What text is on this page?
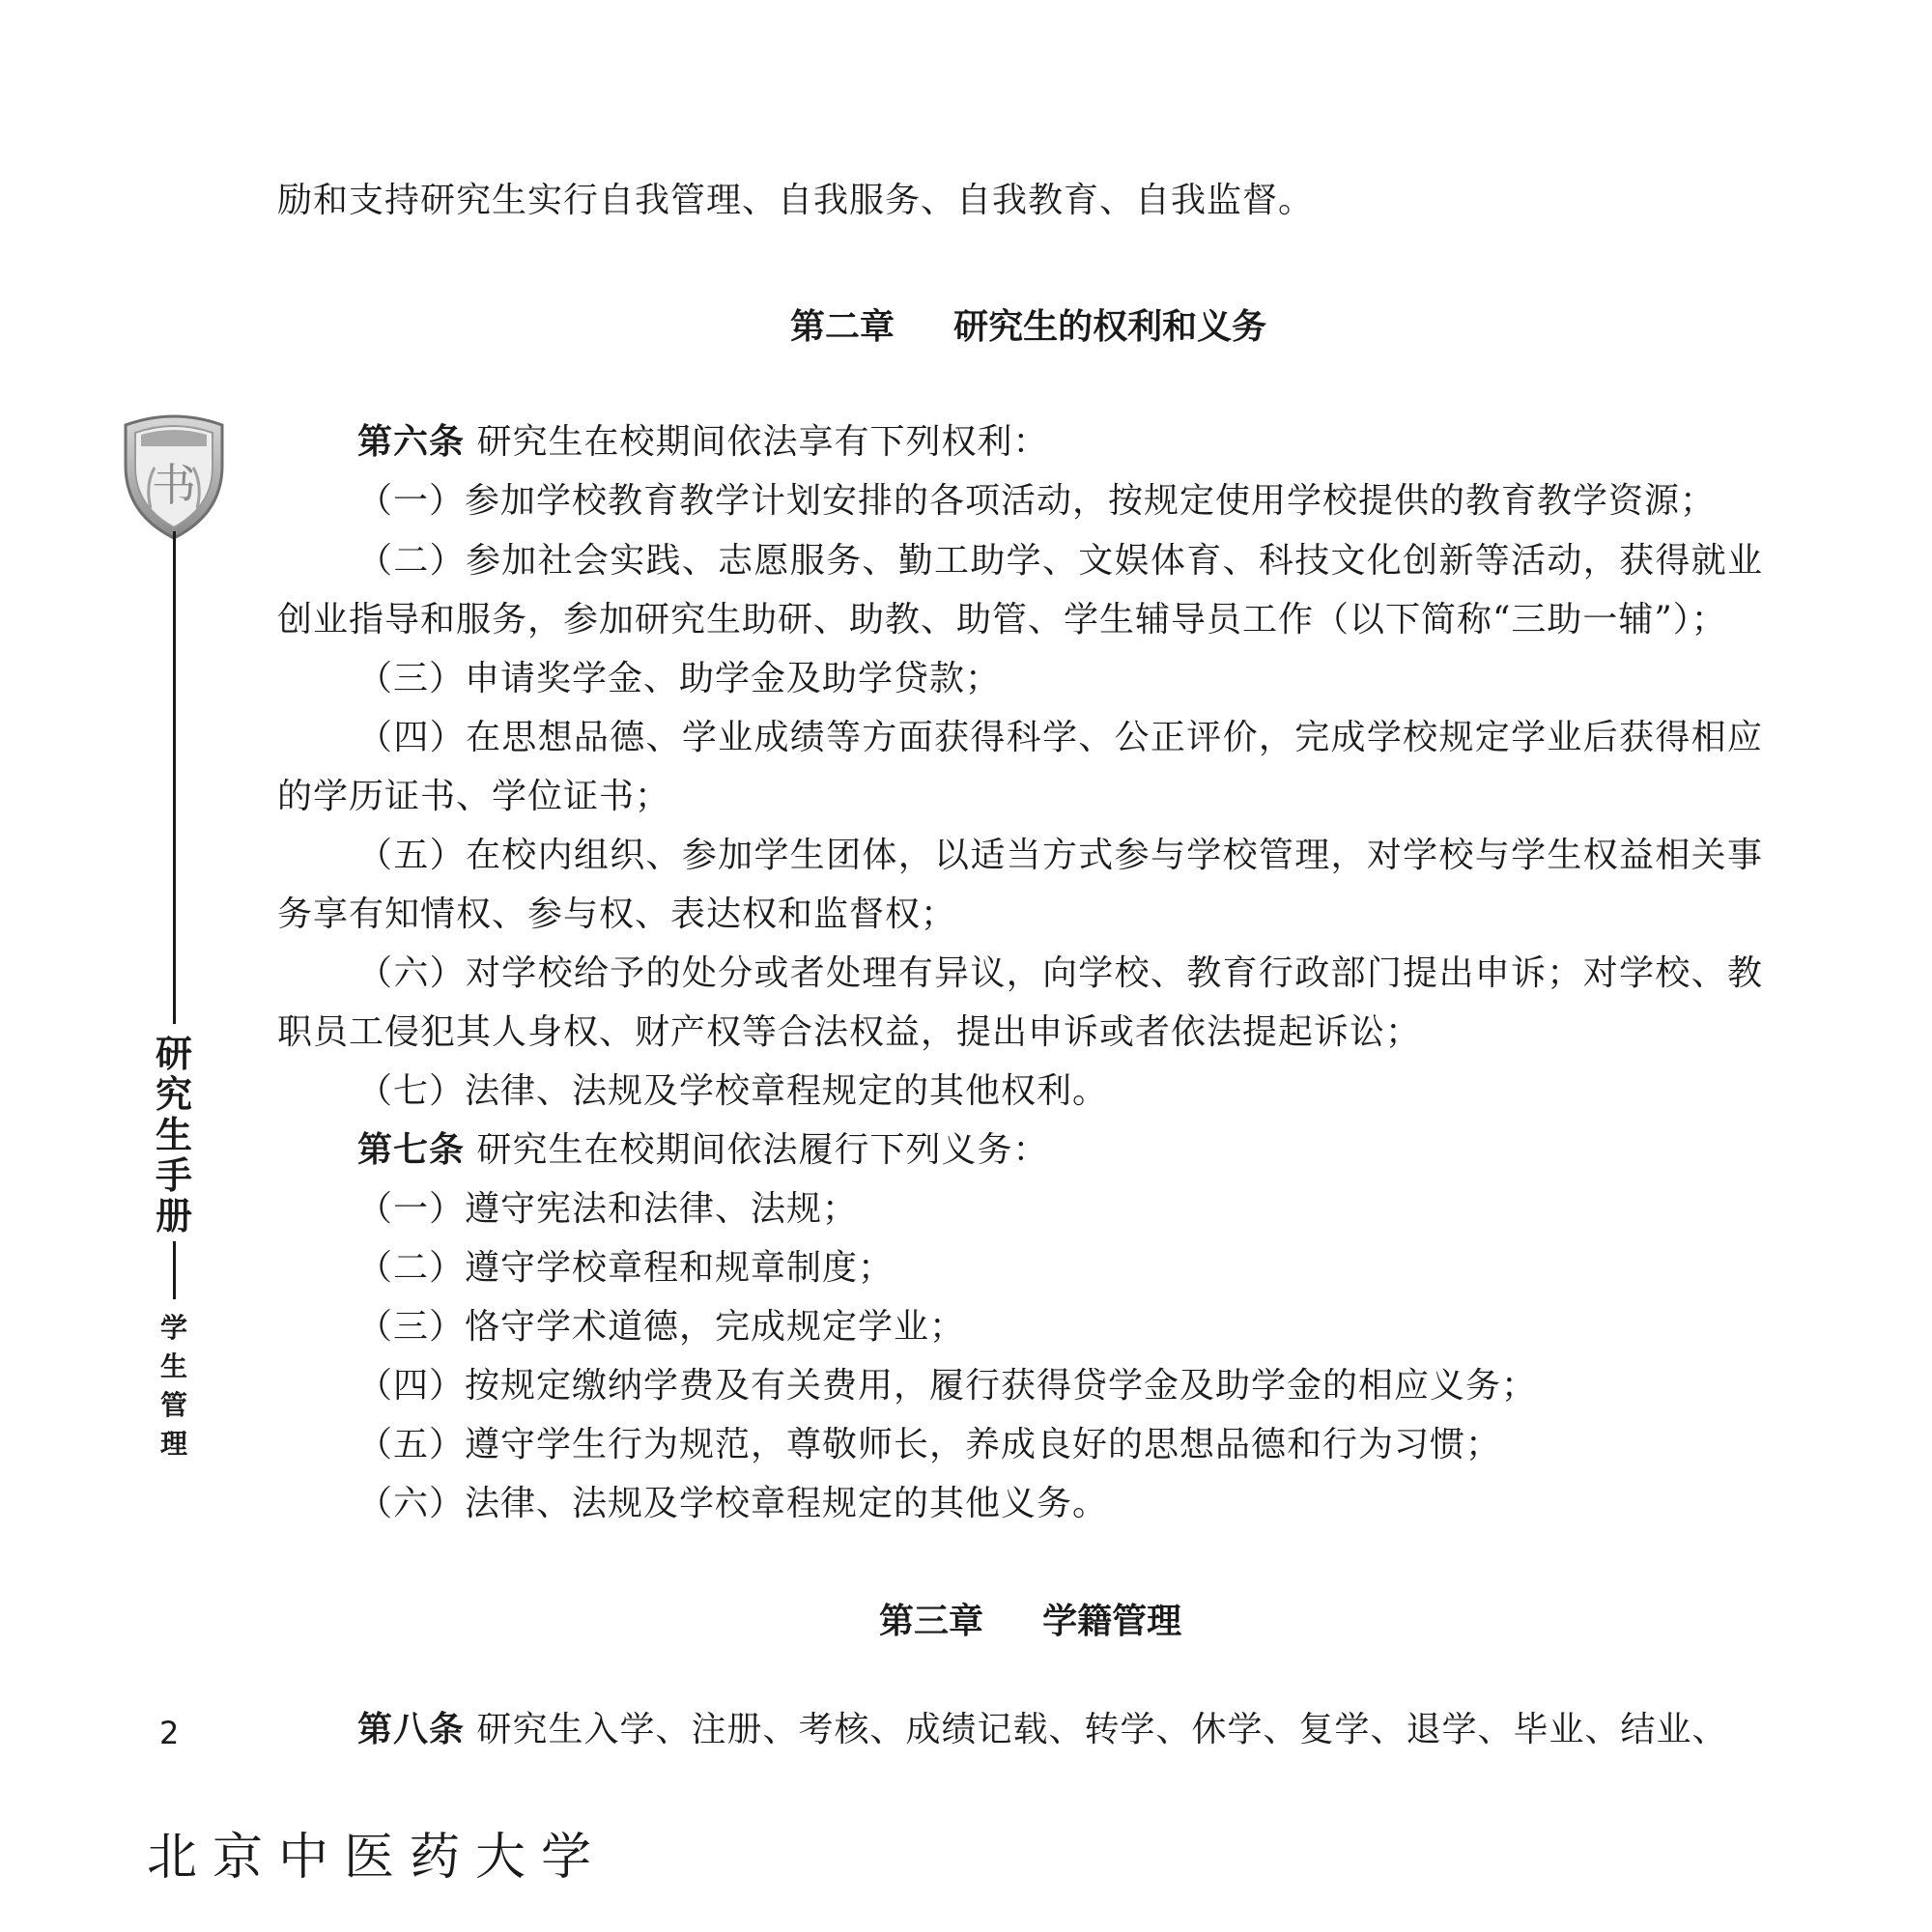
励和支持研究生实行自我管理、自我服务、自我教育、自我监督。
第二章 研究生的权利和义务
第六条 研究生在校期间依法享有下列权利：
（一）参加学校教育教学计划安排的各项活动，按规定使用学校提供的教育教学资源；
（二）参加社会实践、志愿服务、勤工助学、文娱体育、科技文化创新等活动，获得就业
创业指导和服务，参加研究生助研、助教、助管、学生辅导员工作（以下简称“三助一辅”）；
（三）申请奖学金、助学金及助学贷款；
（四）在思想品德、学业成绩等方面获得科学、公正评价，完成学校规定学业后获得相应
的学历证书、学位证书；
（五）在校内组织、参加学生团体，以适当方式参与学校管理，对学校与学生权益相关事
务享有知情权、参与权、表达权和监督权；
（六）对学校给予的处分或者处理有异议，向学校、教育行政部门提出申诉；对学校、教
职员工侵犯其人身权、财产权等合法权益，提出申诉或者依法提起诉讼；
（七）法律、法规及学校章程规定的其他权利。
第七条 研究生在校期间依法履行下列义务：
（一）遵守宪法和法律、法规；
（二）遵守学校章程和规章制度；
（三）恪守学术道德，完成规定学业；
（四）按规定缴纳学费及有关费用，履行获得贷学金及助学金的相应义务；
（五）遵守学生行为规范，尊敬师长，养成良好的思想品德和行为习惯；
（六）法律、法规及学校章程规定的其他义务。
第三章 学籍管理
第八条 研究生入学、注册、考核、成绩记载、转学、休学、复学、退学、毕业、结业、
书
研
究
生
手
册
学
生
管
理
2
北京中医药大学
